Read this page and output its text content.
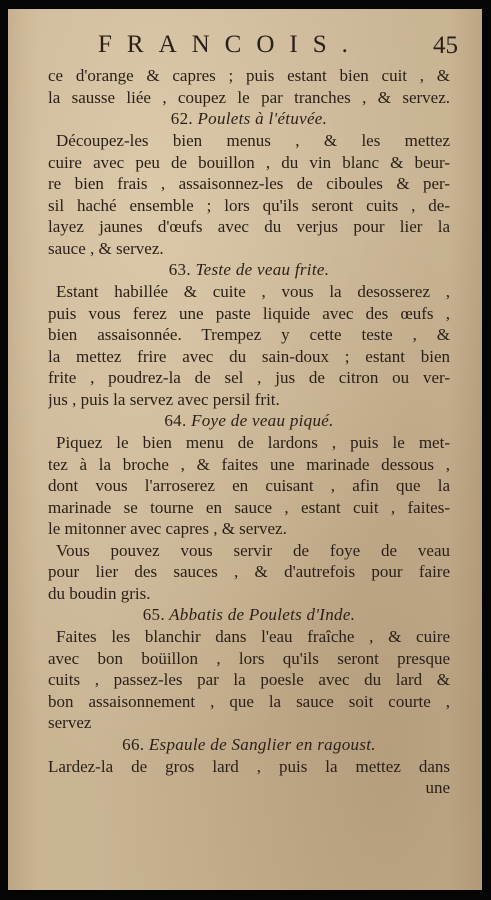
FRANCOIS.	45
ce d'orange & capres ; puis estant bien cuit , &
la sausse liée , coupez le par tranches , & servez.
62. Poulets à l'étuvée.
Découpez-les bien menus , & les mettez
cuire avec peu de bouillon , du vin blanc & beur-
re bien frais , assaisonnez-les de ciboules & per-
sil haché ensemble ; lors qu'ils seront cuits , de-
layez jaunes d'œufs avec du verjus pour lier la
sauce , & servez.
63. Teste de veau frite.
Estant habillée & cuite , vous la desosserez ,
puis vous ferez une paste liquide avec des œufs ,
bien assaisonnée. Trempez y cette teste , &
la mettez frire avec du sain-doux ; estant bien
frite , poudrez-la de sel , jus de citron ou ver-
jus , puis la servez avec persil frit.
64. Foye de veau piqué.
Piquez le bien menu de lardons , puis le met-
tez à la broche , & faites une marinade dessous ,
dont vous l'arroserez en cuisant , afin que la
marinade se tourne en sauce , estant cuit , faites-
le mitonner avec capres , & servez.
Vous pouvez vous servir de foye de veau
pour lier des sauces , & d'autrefois pour faire
du boudin gris.
65. Abbatis de Poulets d'Inde.
Faites les blanchir dans l'eau fraîche , & cuire
avec bon boüillon , lors qu'ils seront presque
cuits , passez-les par la poesle avec du lard &
bon assaisonnement , que la sauce soit courte ,
servez
66. Espaule de Sanglier en ragoust.
Lardez-la de gros lard , puis la mettez dans
une
